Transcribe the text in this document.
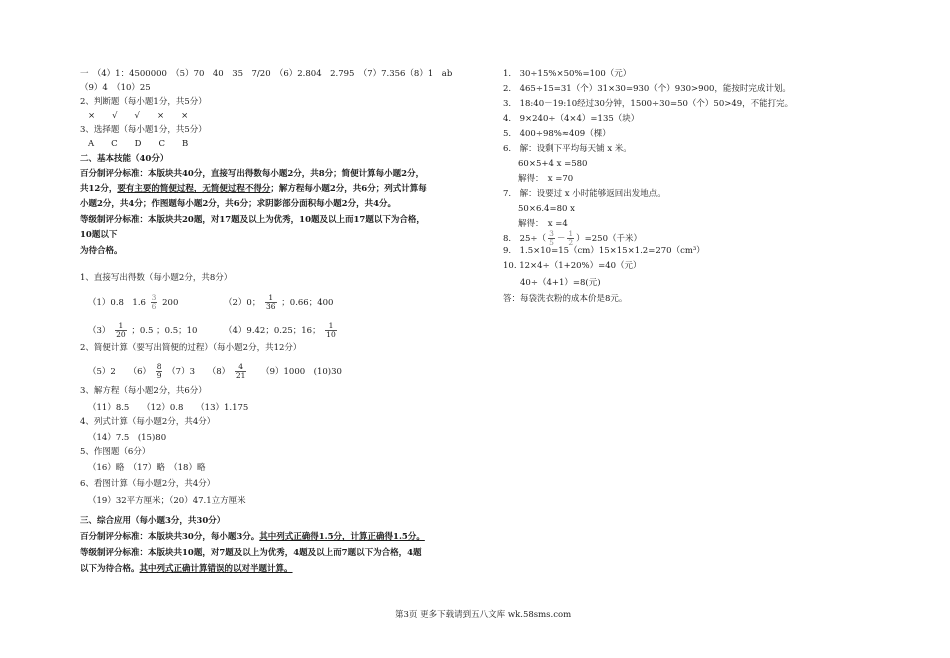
一　（4）1：4500000　（5）70　40　35　7/20　（6）2.804　2.795　（7）7.356（8）1　ab
（9）4　（10）25
2、判断题（每小题1分，共5分）
×　　√　　√　　×　　×
3、选择题（每小题1分，共5分）
A　　C　　D　　C　　B
二、基本技能（40分）
百分制评分标准：本版块共40分，直接写出得数每小题2分，共8分；简便计算每小题2分，
共12分，要有主要的简便过程，无简便过程不得分；解方程每小题2分，共6分；列式计算每
小题2分，共4分；作图题每小题2分，共6分；求阴影部分面积每小题2分，共4分。
等级制评分标准：本版块共20题，对17题及以上为优秀，10题及以上而17题以下为合格，
10题以下
为待合格。
1、直接写出得数（每小题2分，共8分）
（1）0.8　$1.6 \frac{3}{6} 200$	（2）0； $\frac{1}{36}$ ；0.66；400
$(3) \frac{1}{20}$ ；0.5 ；0.5；10	（4）9.42；0.25；16； $\frac{1}{10}$
2、简便计算（要写出简便的过程）（每小题2分，共12分）
（5）2　　$(6) \frac{8}{9} (7)3$　　$(8) \frac{4}{21} (9)1000$　(10)30
3、解方程（每小题2分，共6分）
（11）8.5　　（12）0.8　　（13）1.175
4、列式计算（每小题2分，共4分）
（14）7.5　(15)80
5、作图题（6分）
（16）略　（17）略　（18）略
6、看图计算（每小题2分，共4分）
（19）32平方厘米；（20）47.1立方厘米
三、综合应用（每小题3分，共30分）
百分制评分标准：本版块共30分，每小题3分。其中列式正确得1.5分，计算正确得1.5分。
等级制评分标准：本版块共10题，对7题及以上为优秀，4题及以上而7题以下为合格，4题
以下为待合格。其中列式正确计算错误的以对半题计算。
1.　30÷15%×50%=100（元）
2.　465÷15=31（个）31×30=930（个）930>900，能按时完成计划。
3.　18:40－19:10经过30分钟，1500÷30=50（个）50>49，不能打完。
4.　9×240÷（4×4）=135（块）
5.　400÷98%≈409（棵）
6.　解：设剩下平均每天铺 x 米。
60×5+4 x =580
解得：　x =70
7.　解：设要过 x 小时能够返回出发地点。
50×6.4=80 x
解得：　x =4
8.　$25\div( \frac{3}{5} - \frac{1}{2} )=250$（千米）
9.　1.5×10=15（cm）15×15×1.2=270（cm³）
10. 12×4÷（1+20%）=40（元）
40÷（4+1）=8(元)
答：每袋洗衣粉的成本价是8元。
第3页 更多下载请到五八文库 wk.58sms.com
